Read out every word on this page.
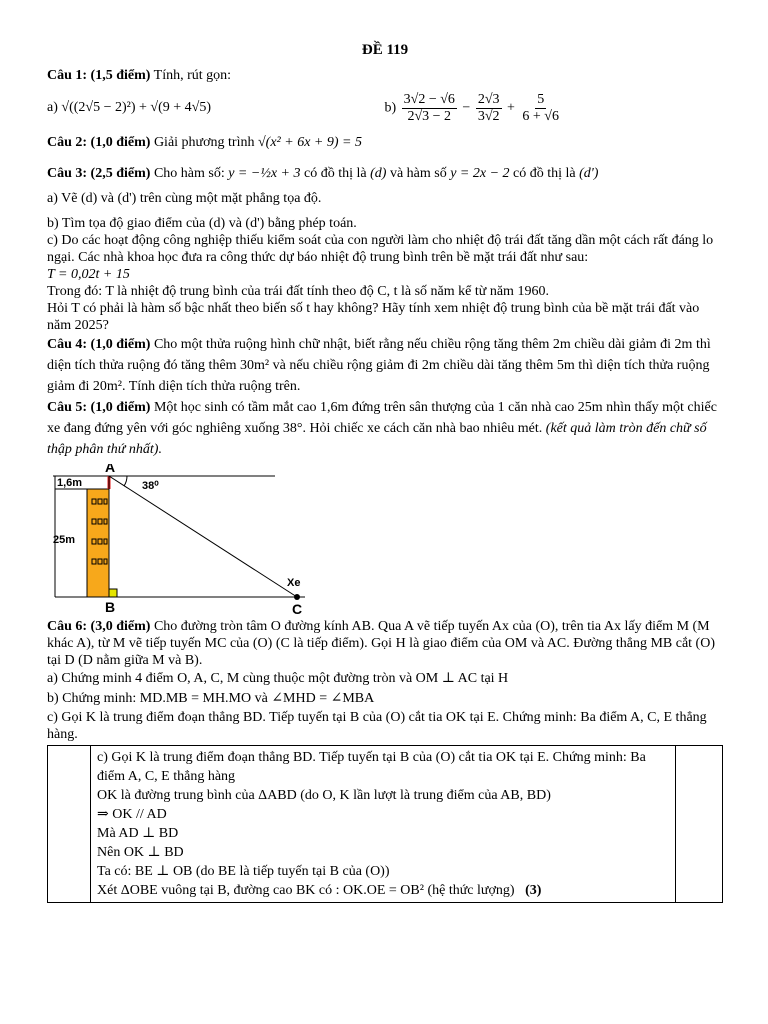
ĐỀ 119

Câu 1: (1,5 điểm) Tính, rút gọn:

a) √((2√5 − 2)²) + √(9 + 4√5)	$b) \frac{3√2 - √6}{2√3 - 2} - \frac{2√3}{3√2} + \frac{5}{6 + √6}$

Câu 2: (1,0 điểm) Giải phương trình √(x² + 6x + 9) = 5

Câu 3: (2,5 điểm) Cho hàm số: y = −½x + 3 có đồ thị là (d) và hàm số y = 2x − 2 có đồ thị là (d')

a) Vẽ (d) và (d') trên cùng một mặt phẳng tọa độ.

b) Tìm tọa độ giao điểm của (d) và (d') bằng phép toán.

c) Do các hoạt động công nghiệp thiếu kiểm soát của con người làm cho nhiệt độ trái đất tăng dần một cách rất đáng lo ngại. Các nhà khoa học đưa ra công thức dự báo nhiệt độ trung bình trên bề mặt trái đất như sau:

T = 0,02t + 15

Trong đó: T là nhiệt độ trung bình của trái đất tính theo độ C, t là số năm kể từ năm 1960.

Hỏi T có phải là hàm số bậc nhất theo biến số t hay không? Hãy tính xem nhiệt độ trung bình của bề mặt trái đất vào năm 2025?

Câu 4: (1,0 điểm) Cho một thửa ruộng hình chữ nhật, biết rằng nếu chiều rộng tăng thêm 2m chiều dài giảm đi 2m thì diện tích thửa ruộng đó tăng thêm 30m² và nếu chiều rộng giảm đi 2m chiều dài tăng thêm 5m thì diện tích thửa ruộng giảm đi 20m². Tính diện tích thửa ruộng trên.

Câu 5: (1,0 điểm) Một học sinh có tầm mắt cao 1,6m đứng trên sân thượng của 1 căn nhà cao 25m nhìn thấy một chiếc xe đang đứng yên với góc nghiêng xuống 38°. Hỏi chiếc xe cách căn nhà bao nhiêu mét. (kết quả làm tròn đến chữ số thập phân thứ nhất).

A
B	C
Xe
1,6m
25m
38⁰

Câu 6: (3,0 điểm) Cho đường tròn tâm O đường kính AB. Qua A vẽ tiếp tuyến Ax của (O), trên tia Ax lấy điểm M (M khác A), từ M vẽ tiếp tuyến MC của (O) (C là tiếp điểm). Gọi H là giao điểm của OM và AC. Đường thẳng MB cắt (O) tại D (D nằm giữa M và B).

a) Chứng minh 4 điểm O, A, C, M cùng thuộc một đường tròn và OM ⊥ AC tại H

b) Chứng minh: MD.MB = MH.MO và ∠MHD = ∠MBA

c) Gọi K là trung điểm đoạn thẳng BD. Tiếp tuyến tại B của (O) cắt tia OK tại E. Chứng minh: Ba điểm A, C, E thẳng hàng.

c) Gọi K là trung điểm đoạn thẳng BD. Tiếp tuyến tại B của (O) cắt tia OK tại E. Chứng minh: Ba điểm A, C, E thẳng hàng
OK là đường trung bình của ΔABD (do O, K lần lượt là trung điểm của AB, BD)
⇒ OK // AD
Mà AD ⊥ BD
Nên OK ⊥ BD
Ta có: BE ⊥ OB (do BE là tiếp tuyến tại B của (O))
Xét ΔOBE vuông tại B, đường cao BK có : OK.OE = OB² (hệ thức lượng) (3)
